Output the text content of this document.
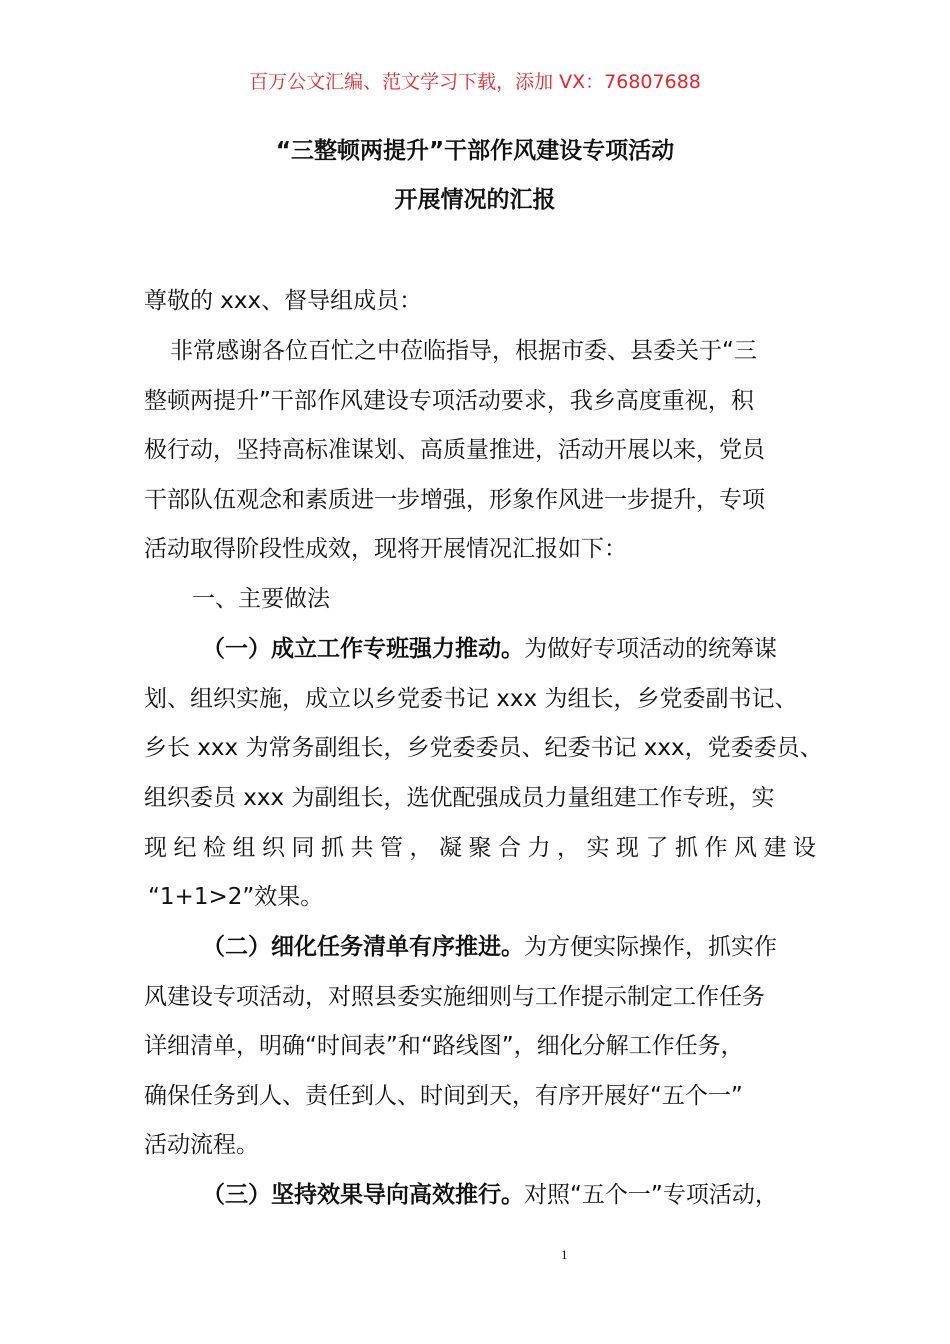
百万公文汇编、范文学习下载，添加 VX：76807688
“三整顿两提升”干部作风建设专项活动
开展情况的汇报
尊敬的 xxx、督导组成员：
非常感谢各位百忙之中莅临指导，根据市委、县委关于“三
整顿两提升”干部作风建设专项活动要求，我乡高度重视，积
极行动，坚持高标准谋划、高质量推进，活动开展以来，党员
干部队伍观念和素质进一步增强，形象作风进一步提升，专项
活动取得阶段性成效，现将开展情况汇报如下：
一、主要做法
（一）成立工作专班强力推动。为做好专项活动的统筹谋
划、组织实施，成立以乡党委书记 xxx 为组长，乡党委副书记、
乡长 xxx 为常务副组长，乡党委委员、纪委书记 xxx，党委委员、
组织委员 xxx 为副组长，选优配强成员力量组建工作专班，实
现纪检组织同抓共管，凝聚合力，实现了抓作风建设
“1+1>2”效果。
（二）细化任务清单有序推进。为方便实际操作，抓实作
风建设专项活动，对照县委实施细则与工作提示制定工作任务
详细清单，明确“时间表”和“路线图”，细化分解工作任务，
确保任务到人、责任到人、时间到天，有序开展好“五个一”
活动流程。
（三）坚持效果导向高效推行。对照“五个一”专项活动，
1
